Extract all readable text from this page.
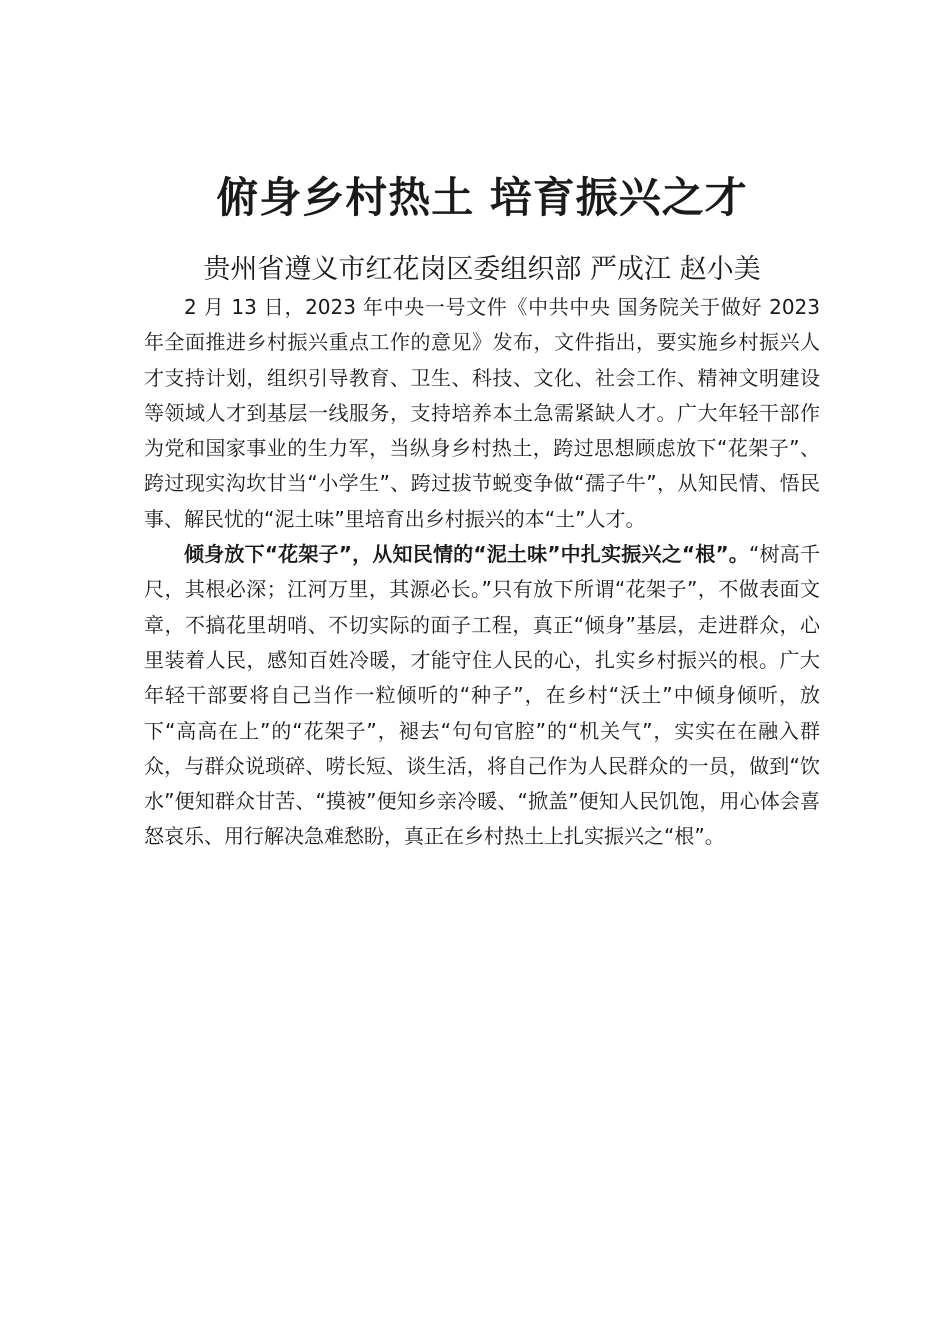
俯身乡村热土 培育振兴之才
贵州省遵义市红花岗区委组织部 严成江 赵小美

2 月 13 日，2023 年中央一号文件《中共中央 国务院关于做好 2023 年全面推进乡村振兴重点工作的意见》发布，文件指出，要实施乡村振兴人才支持计划，组织引导教育、卫生、科技、文化、社会工作、精神文明建设等领域人才到基层一线服务，支持培养本土急需紧缺人才。广大年轻干部作为党和国家事业的生力军，当纵身乡村热土，跨过思想顾虑放下“花架子”、跨过现实沟坎甘当“小学生”、跨过拔节蜕变争做“孺子牛”，从知民情、悟民事、解民忧的“泥土味”里培育出乡村振兴的本“土”人才。

倾身放下“花架子”，从知民情的“泥土味”中扎实振兴之“根”。“树高千尺，其根必深；江河万里，其源必长。”只有放下所谓“花架子”，不做表面文章，不搞花里胡哨、不切实际的面子工程，真正“倾身”基层，走进群众，心里装着人民，感知百姓冷暖，才能守住人民的心，扎实乡村振兴的根。广大年轻干部要将自己当作一粒倾听的“种子”，在乡村“沃土”中倾身倾听，放下“高高在上”的“花架子”，褪去“句句官腔”的“机关气”，实实在在融入群众，与群众说琐碎、唠长短、谈生活，将自己作为人民群众的一员，做到“饮水”便知群众甘苦、“摸被”便知乡亲冷暖、“掀盖”便知人民饥饱，用心体会喜怒哀乐、用行解决急难愁盼，真正在乡村热土上扎实振兴之“根”。
